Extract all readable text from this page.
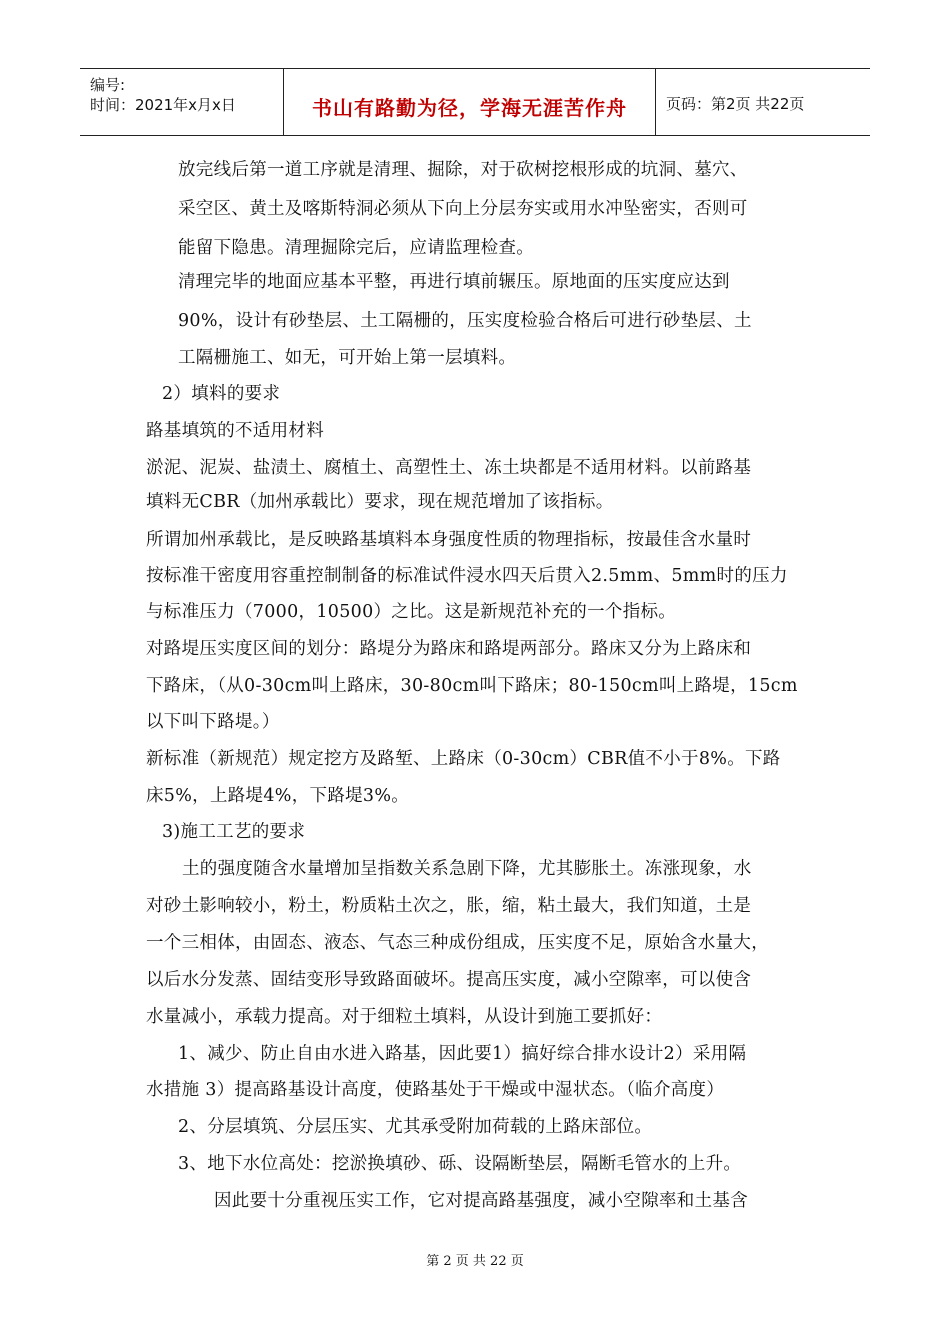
编号:
时间：2021年x月x日	书山有路勤为径，学海无涯苦作舟	页码：第2页 共22页

放完线后第一道工序就是清理、掘除，对于砍树挖根形成的坑洞、墓穴、

采空区、黄土及喀斯特洞必须从下向上分层夯实或用水冲坠密实，否则可

能留下隐患。清理掘除完后，应请监理检查。

清理完毕的地面应基本平整，再进行填前辗压。原地面的压实度应达到

90%，设计有砂垫层、土工隔栅的，压实度检验合格后可进行砂垫层、土

工隔栅施工、如无，可开始上第一层填料。

2）填料的要求

路基填筑的不适用材料

淤泥、泥炭、盐渍土、腐植土、高塑性土、冻土块都是不适用材料。以前路基

填料无CBR（加州承载比）要求，现在规范增加了该指标。

所谓加州承载比，是反映路基填料本身强度性质的物理指标，按最佳含水量时

按标准干密度用容重控制制备的标准试件浸水四天后贯入2.5mm、5mm时的压力

与标准压力（7000，10500）之比。这是新规范补充的一个指标。

对路堤压实度区间的划分：路堤分为路床和路堤两部分。路床又分为上路床和

下路床，（从0-30cm叫上路床，30-80cm叫下路床；80-150cm叫上路堤，15cm

以下叫下路堤。）

新标准（新规范）规定挖方及路堑、上路床（0-30cm）CBR值不小于8%。下路

床5%，上路堤4%，下路堤3%。

3)施工工艺的要求

土的强度随含水量增加呈指数关系急剧下降，尤其膨胀土。冻涨现象，水

对砂土影响较小，粉土，粉质粘土次之，胀，缩，粘土最大，我们知道，土是

一个三相体，由固态、液态、气态三种成份组成，压实度不足，原始含水量大，

以后水分发蒸、固结变形导致路面破坏。提高压实度，减小空隙率，可以使含

水量减小，承载力提高。对于细粒土填料，从设计到施工要抓好：

1、减少、防止自由水进入路基，因此要1）搞好综合排水设计2）采用隔

水措施 3）提高路基设计高度，使路基处于干燥或中湿状态。（临介高度）

2、分层填筑、分层压实、尤其承受附加荷载的上路床部位。

3、地下水位高处：挖淤换填砂、砾、设隔断垫层，隔断毛管水的上升。

因此要十分重视压实工作，它对提高路基强度，减小空隙率和土基含

第 2 页 共 22 页
